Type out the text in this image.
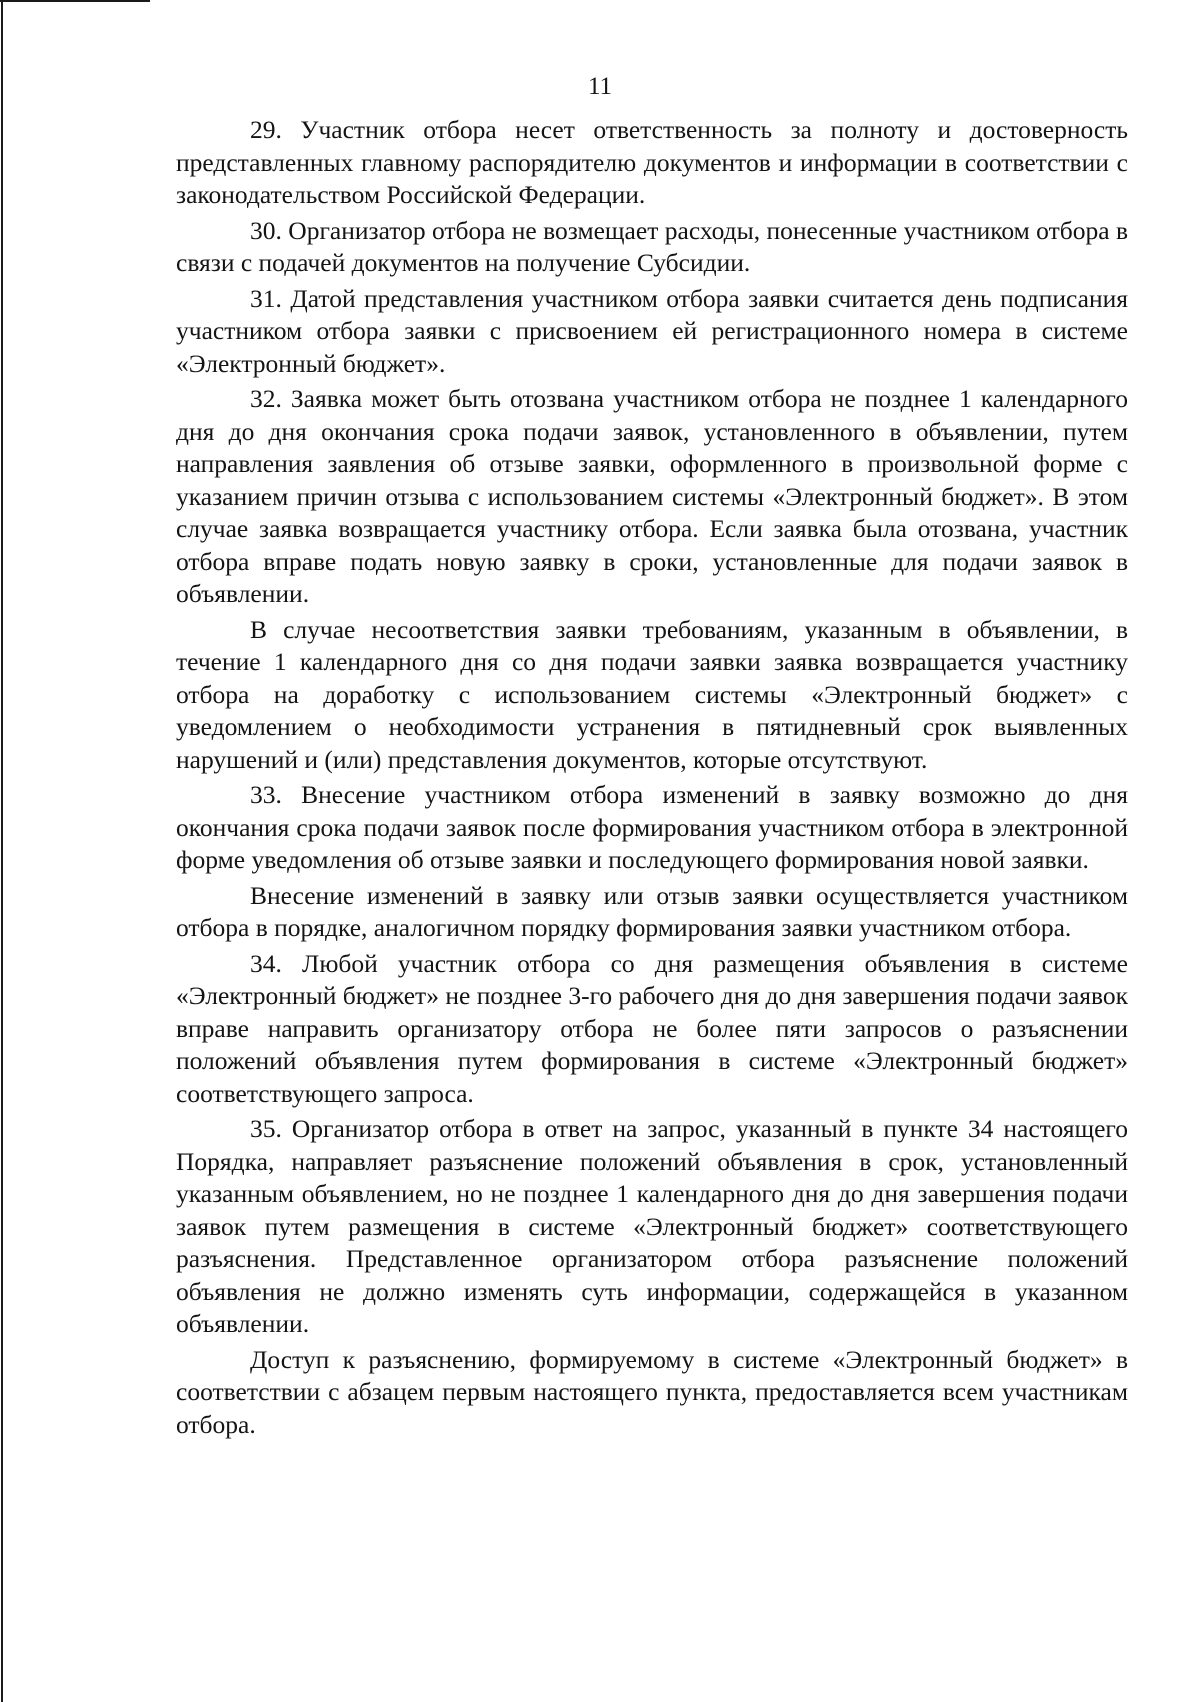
11

29. Участник отбора несет ответственность за полноту и достоверность представленных главному распорядителю документов и информации в соответствии с законодательством Российской Федерации.

30. Организатор отбора не возмещает расходы, понесенные участником отбора в связи с подачей документов на получение Субсидии.

31. Датой представления участником отбора заявки считается день подписания участником отбора заявки с присвоением ей регистрационного номера в системе «Электронный бюджет».

32. Заявка может быть отозвана участником отбора не позднее 1 календарного дня до дня окончания срока подачи заявок, установленного в объявлении, путем направления заявления об отзыве заявки, оформленного в произвольной форме с указанием причин отзыва с использованием системы «Электронный бюджет». В этом случае заявка возвращается участнику отбора. Если заявка была отозвана, участник отбора вправе подать новую заявку в сроки, установленные для подачи заявок в объявлении.

В случае несоответствия заявки требованиям, указанным в объявлении, в течение 1 календарного дня со дня подачи заявки заявка возвращается участнику отбора на доработку с использованием системы «Электронный бюджет» с уведомлением о необходимости устранения в пятидневный срок выявленных нарушений и (или) представления документов, которые отсутствуют.

33. Внесение участником отбора изменений в заявку возможно до дня окончания срока подачи заявок после формирования участником отбора в электронной форме уведомления об отзыве заявки и последующего формирования новой заявки.

Внесение изменений в заявку или отзыв заявки осуществляется участником отбора в порядке, аналогичном порядку формирования заявки участником отбора.

34. Любой участник отбора со дня размещения объявления в системе «Электронный бюджет» не позднее 3-го рабочего дня до дня завершения подачи заявок вправе направить организатору отбора не более пяти запросов о разъяснении положений объявления путем формирования в системе «Электронный бюджет» соответствующего запроса.

35. Организатор отбора в ответ на запрос, указанный в пункте 34 настоящего Порядка, направляет разъяснение положений объявления в срок, установленный указанным объявлением, но не позднее 1 календарного дня до дня завершения подачи заявок путем размещения в системе «Электронный бюджет» соответствующего разъяснения. Представленное организатором отбора разъяснение положений объявления не должно изменять суть информации, содержащейся в указанном объявлении.

Доступ к разъяснению, формируемому в системе «Электронный бюджет» в соответствии с абзацем первым настоящего пункта, предоставляется всем участникам отбора.
